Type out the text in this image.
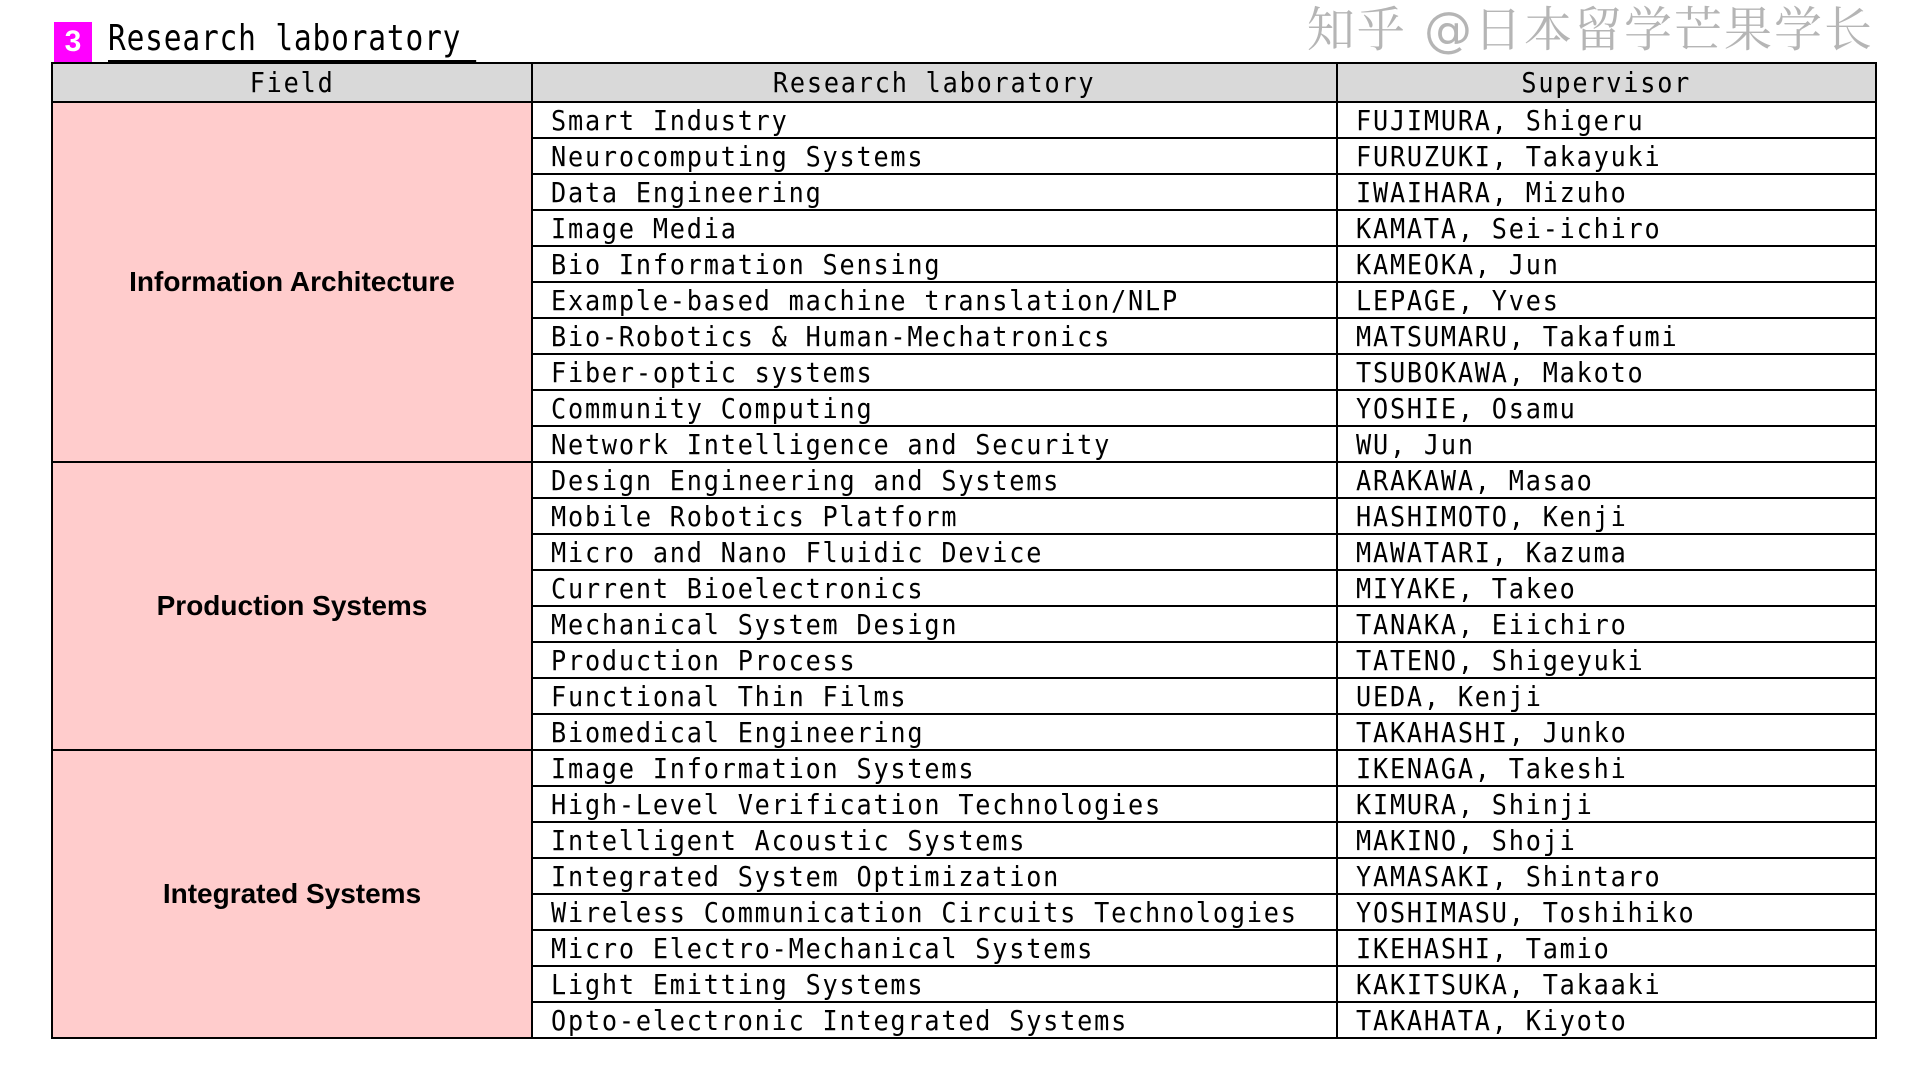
3 Research laboratory	知乎 @日本留学芒果学长
Field	Research laboratory	Supervisor
Information Architecture	Smart Industry	FUJIMURA, Shigeru
	Neurocomputing Systems	FURUZUKI, Takayuki
	Data Engineering	IWAIHARA, Mizuho
	Image Media	KAMATA, Sei-ichiro
	Bio Information Sensing	KAMEOKA, Jun
	Example-based machine translation/NLP	LEPAGE, Yves
	Bio-Robotics & Human-Mechatronics	MATSUMARU, Takafumi
	Fiber-optic systems	TSUBOKAWA, Makoto
	Community Computing	YOSHIE, Osamu
	Network Intelligence and Security	WU, Jun
Production Systems	Design Engineering and Systems	ARAKAWA, Masao
	Mobile Robotics Platform	HASHIMOTO, Kenji
	Micro and Nano Fluidic Device	MAWATARI, Kazuma
	Current Bioelectronics	MIYAKE, Takeo
	Mechanical System Design	TANAKA, Eiichiro
	Production Process	TATENO, Shigeyuki
	Functional Thin Films	UEDA, Kenji
	Biomedical Engineering	TAKAHASHI, Junko
Integrated Systems	Image Information Systems	IKENAGA, Takeshi
	High-Level Verification Technologies	KIMURA, Shinji
	Intelligent Acoustic Systems	MAKINO, Shoji
	Integrated System Optimization	YAMASAKI, Shintaro
	Wireless Communication Circuits Technologies	YOSHIMASU, Toshihiko
	Micro Electro-Mechanical Systems	IKEHASHI, Tamio
	Light Emitting Systems	KAKITSUKA, Takaaki
	Opto-electronic Integrated Systems	TAKAHATA, Kiyoto
